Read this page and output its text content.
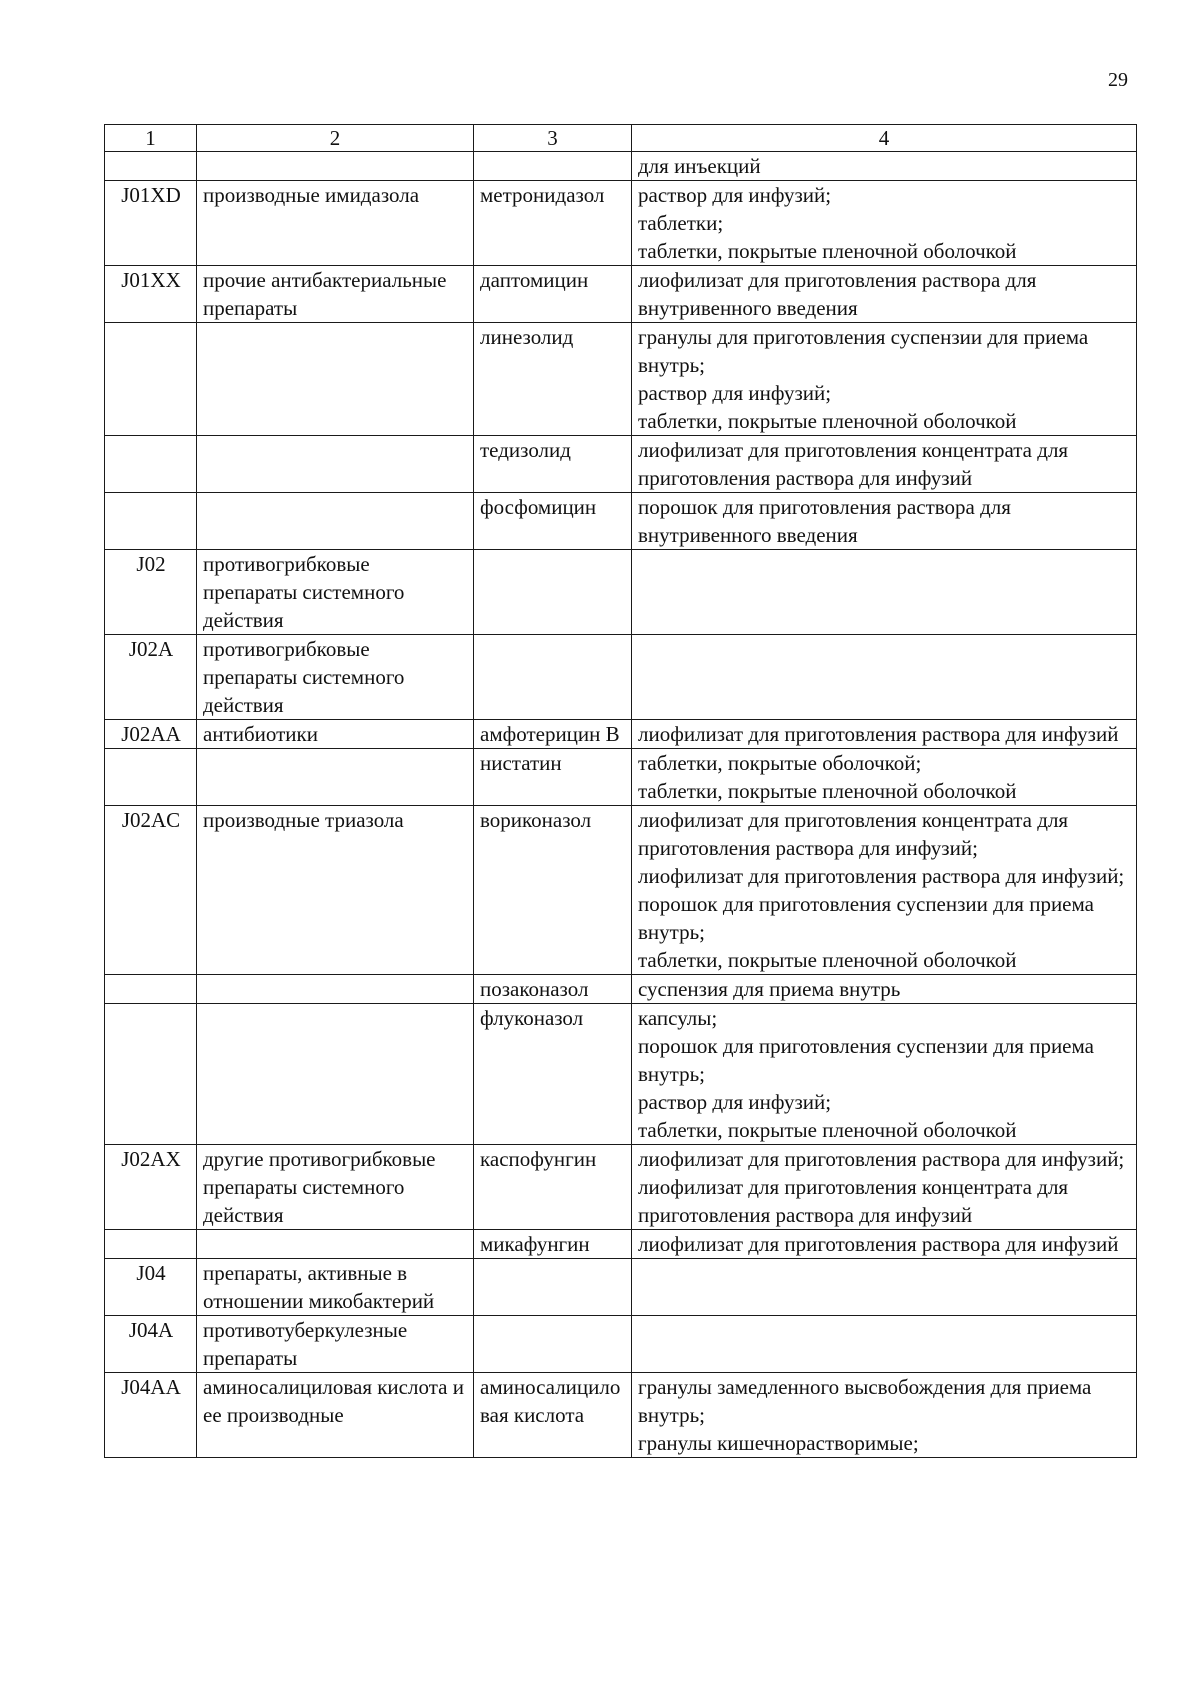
29
1	2	3	4

			для инъекций

J01XD	производные имидазола	метронидазол	раствор для инфузий;
таблетки;
таблетки, покрытые пленочной оболочкой

J01XX	прочие антибактериальные препараты	даптомицин	лиофилизат для приготовления раствора для внутривенного введения

		линезолид	гранулы для приготовления суспензии для приема внутрь;
раствор для инфузий;
таблетки, покрытые пленочной оболочкой

		тедизолид	лиофилизат для приготовления концентрата для приготовления раствора для инфузий

		фосфомицин	порошок для приготовления раствора для внутривенного введения

J02	противогрибковые препараты системного действия		
J02A	противогрибковые препараты системного действия		
J02AA	антибиотики	амфотерицин В	лиофилизат для приготовления раствора для инфузий

		нистатин	таблетки, покрытые оболочкой;
таблетки, покрытые пленочной оболочкой

J02AC	производные триазола	вориконазол	лиофилизат для приготовления концентрата для приготовления раствора для инфузий;
лиофилизат для приготовления раствора для инфузий;
порошок для приготовления суспензии для приема внутрь;
таблетки, покрытые пленочной оболочкой

		позаконазол	суспензия для приема внутрь

		флуконазол	капсулы;
порошок для приготовления суспензии для приема внутрь;
раствор для инфузий;
таблетки, покрытые пленочной оболочкой

J02AX	другие противогрибковые препараты системного действия	каспофунгин	лиофилизат для приготовления раствора для инфузий;
лиофилизат для приготовления концентрата для приготовления раствора для инфузий

		микафунгин	лиофилизат для приготовления раствора для инфузий

J04	препараты, активные в отношении микобактерий		
J04A	противотуберкулезные препараты		
J04AA	аминосалициловая кислота и ее производные	аминосалициловая кислота	гранулы замедленного высвобождения для приема внутрь;
гранулы кишечнорастворимые;
